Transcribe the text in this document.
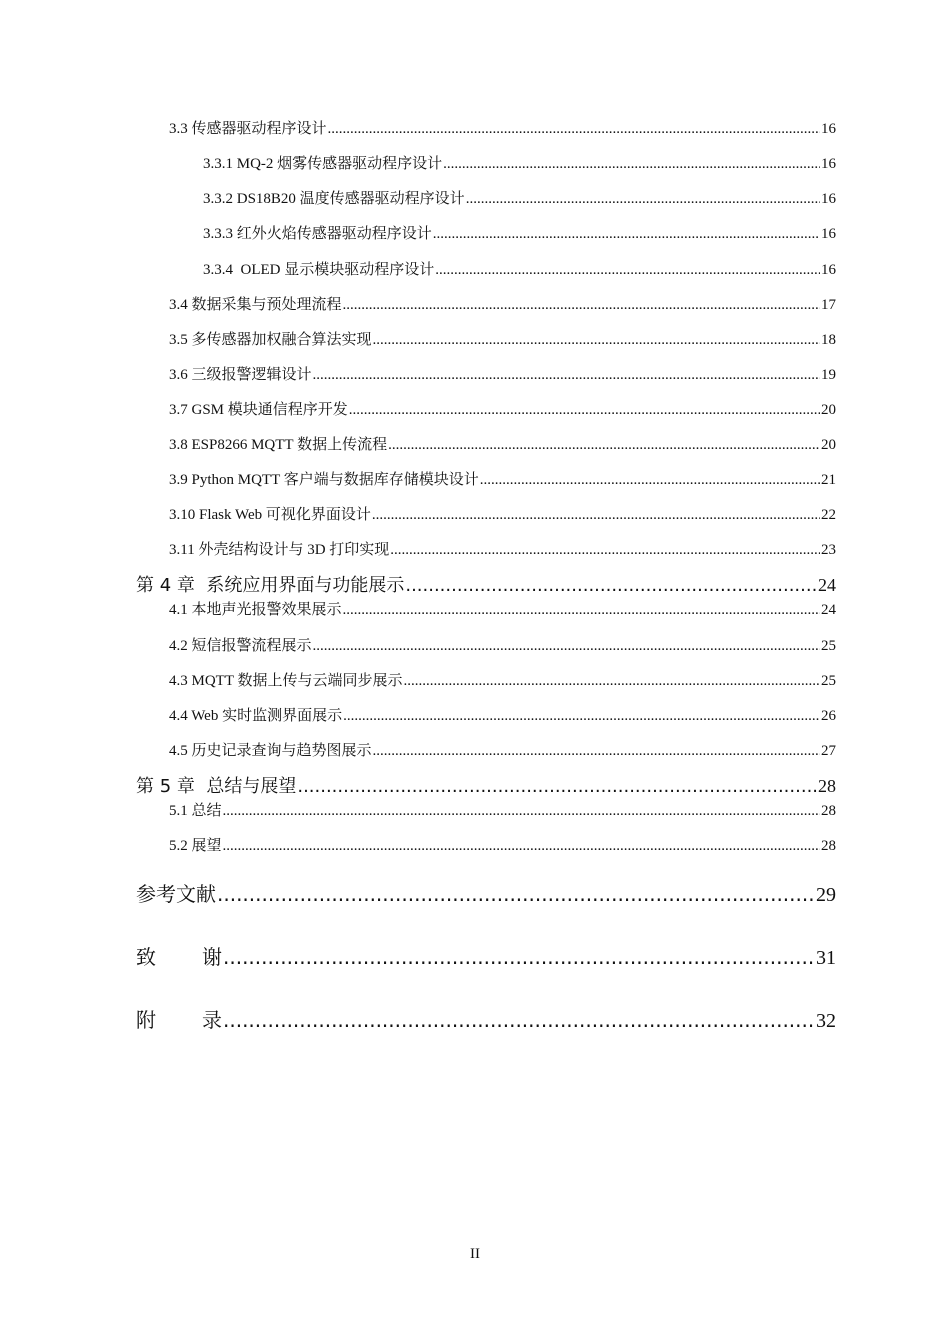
3.3 传感器驱动程序设计 .....	16
3.3.1 MQ-2 烟雾传感器驱动程序设计 .....	16
3.3.2 DS18B20 温度传感器驱动程序设计 .....	16
3.3.3 红外火焰传感器驱动程序设计 .....	16
3.3.4  OLED 显示模块驱动程序设计 .....	16
3.4 数据采集与预处理流程 .....	17
3.5 多传感器加权融合算法实现 .....	18
3.6 三级报警逻辑设计 .....	19
3.7 GSM 模块通信程序开发 .....	20
3.8 ESP8266 MQTT 数据上传流程 .....	20
3.9 Python MQTT 客户端与数据库存储模块设计 .....	21
3.10 Flask Web 可视化界面设计 .....	22
3.11 外壳结构设计与 3D 打印实现 .....	23
第 4 章  系统应用界面与功能展示 .....	24
4.1 本地声光报警效果展示 .....	24
4.2 短信报警流程展示 .....	25
4.3 MQTT 数据上传与云端同步展示 .....	25
4.4 Web 实时监测界面展示 .....	26
4.5 历史记录查询与趋势图展示 .....	27
第 5 章  总结与展望 .....	28
5.1 总结 .....	28
5.2 展望 .....	28
参考文献 .....	29
致 谢 .....	31
附 录 .....	32
II
